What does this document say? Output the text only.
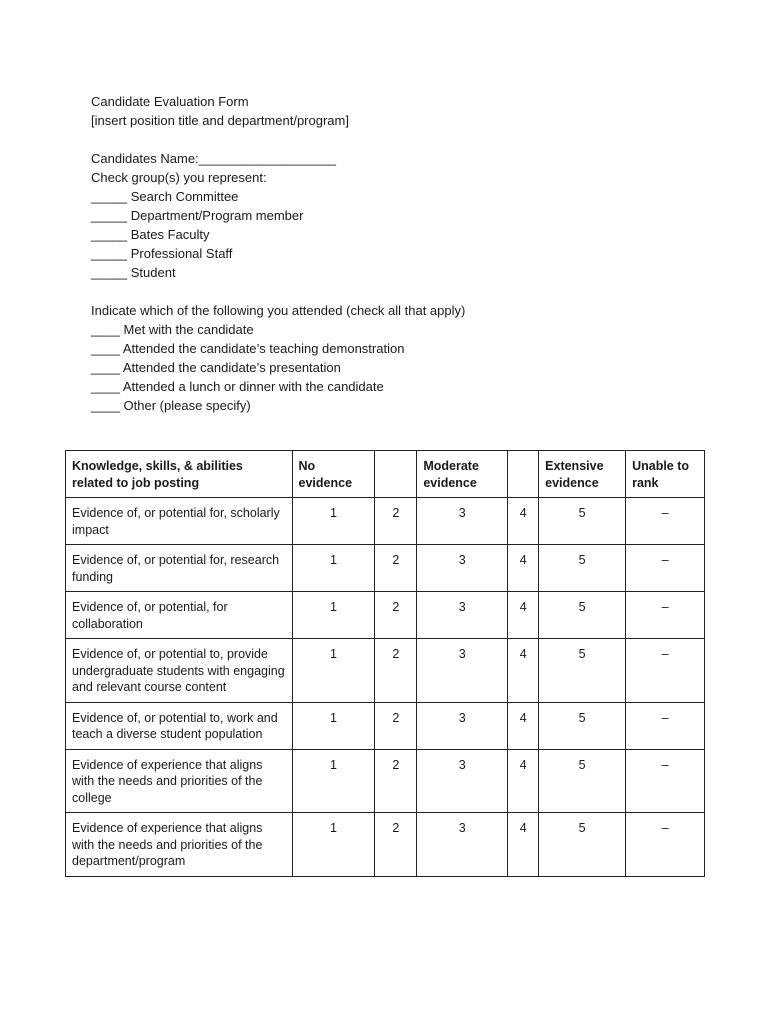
Candidate Evaluation Form
[insert position title and department/program]
Candidates Name:___________________
Check group(s) you represent:
_____ Search Committee
_____ Department/Program member
_____ Bates Faculty
_____ Professional Staff
_____ Student
Indicate which of the following you attended (check all that apply)
____ Met with the candidate
____ Attended the candidate’s teaching demonstration
____ Attended the candidate’s presentation
____ Attended a lunch or dinner with the candidate
____ Other (please specify)
Knowledge, skills, & abilities related to job posting	No evidence		Moderate evidence		Extensive evidence	Unable to rank
Evidence of, or potential for, scholarly impact	1	2	3	4	5	–
Evidence of, or potential for, research funding	1	2	3	4	5	–
Evidence of, or potential, for collaboration	1	2	3	4	5	–
Evidence of, or potential to, provide undergraduate students with engaging and relevant course content	1	2	3	4	5	–
Evidence of, or potential to, work and teach a diverse student population	1	2	3	4	5	–
Evidence of experience that aligns with the needs and priorities of the college	1	2	3	4	5	–
Evidence of experience that aligns with the needs and priorities of the department/program	1	2	3	4	5	–
